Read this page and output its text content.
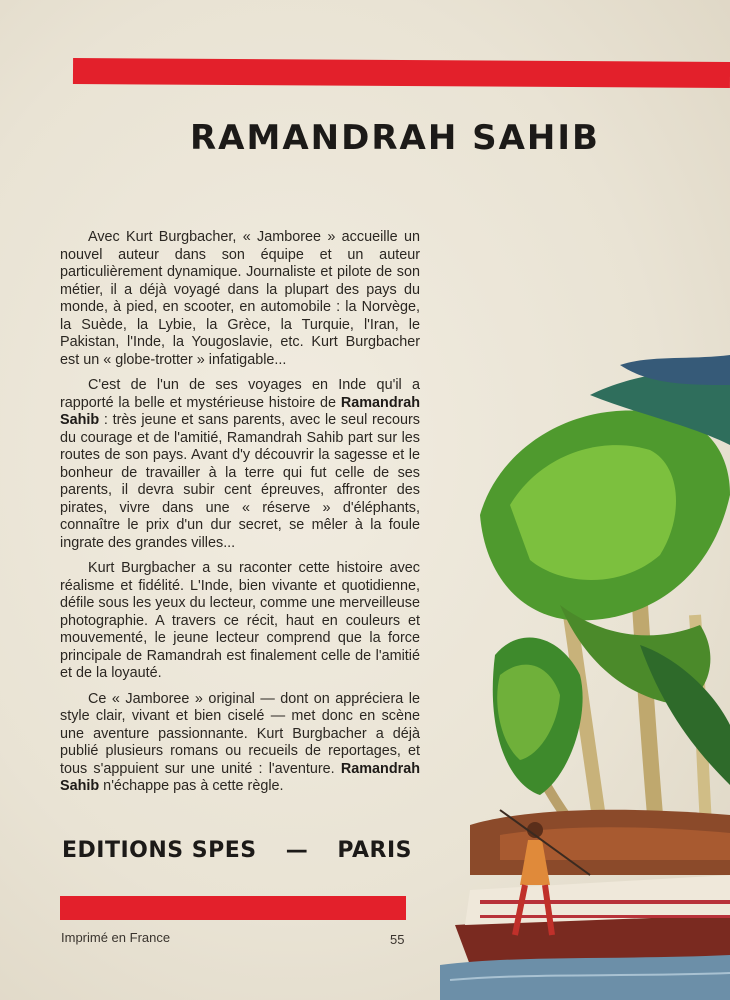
RAMANDRAH SAHIB

Avec Kurt Burgbacher, « Jamboree » accueille un nouvel auteur dans son équipe et un auteur particulièrement dynamique. Journaliste et pilote de son métier, il a déjà voyagé dans la plupart des pays du monde, à pied, en scooter, en automobile : la Norvège, la Suède, la Lybie, la Grèce, la Turquie, l'Iran, le Pakistan, l'Inde, la Yougoslavie, etc. Kurt Burgbacher est un « globe-trotter » infatigable...

C'est de l'un de ses voyages en Inde qu'il a rapporté la belle et mystérieuse histoire de Ramandrah Sahib : très jeune et sans parents, avec le seul recours du courage et de l'amitié, Ramandrah Sahib part sur les routes de son pays. Avant d'y découvrir la sagesse et le bonheur de travailler à la terre qui fut celle de ses parents, il devra subir cent épreuves, affronter des pirates, vivre dans une « réserve » d'éléphants, connaître le prix d'un dur secret, se mêler à la foule ingrate des grandes villes...

Kurt Burgbacher a su raconter cette histoire avec réalisme et fidélité. L'Inde, bien vivante et quotidienne, défile sous les yeux du lecteur, comme une merveilleuse photographie. A travers ce récit, haut en couleurs et mouvementé, le jeune lecteur comprend que la force principale de Ramandrah est finalement celle de l'amitié et de la loyauté.

Ce « Jamboree » original — dont on appréciera le style clair, vivant et bien ciselé — met donc en scène une aventure passionnante. Kurt Burgbacher a déjà publié plusieurs romans ou recueils de reportages, et tous s'appuient sur une unité : l'aventure. Ramandrah Sahib n'échappe pas à cette règle.

EDITIONS SPES — PARIS
Imprimé en France	55
